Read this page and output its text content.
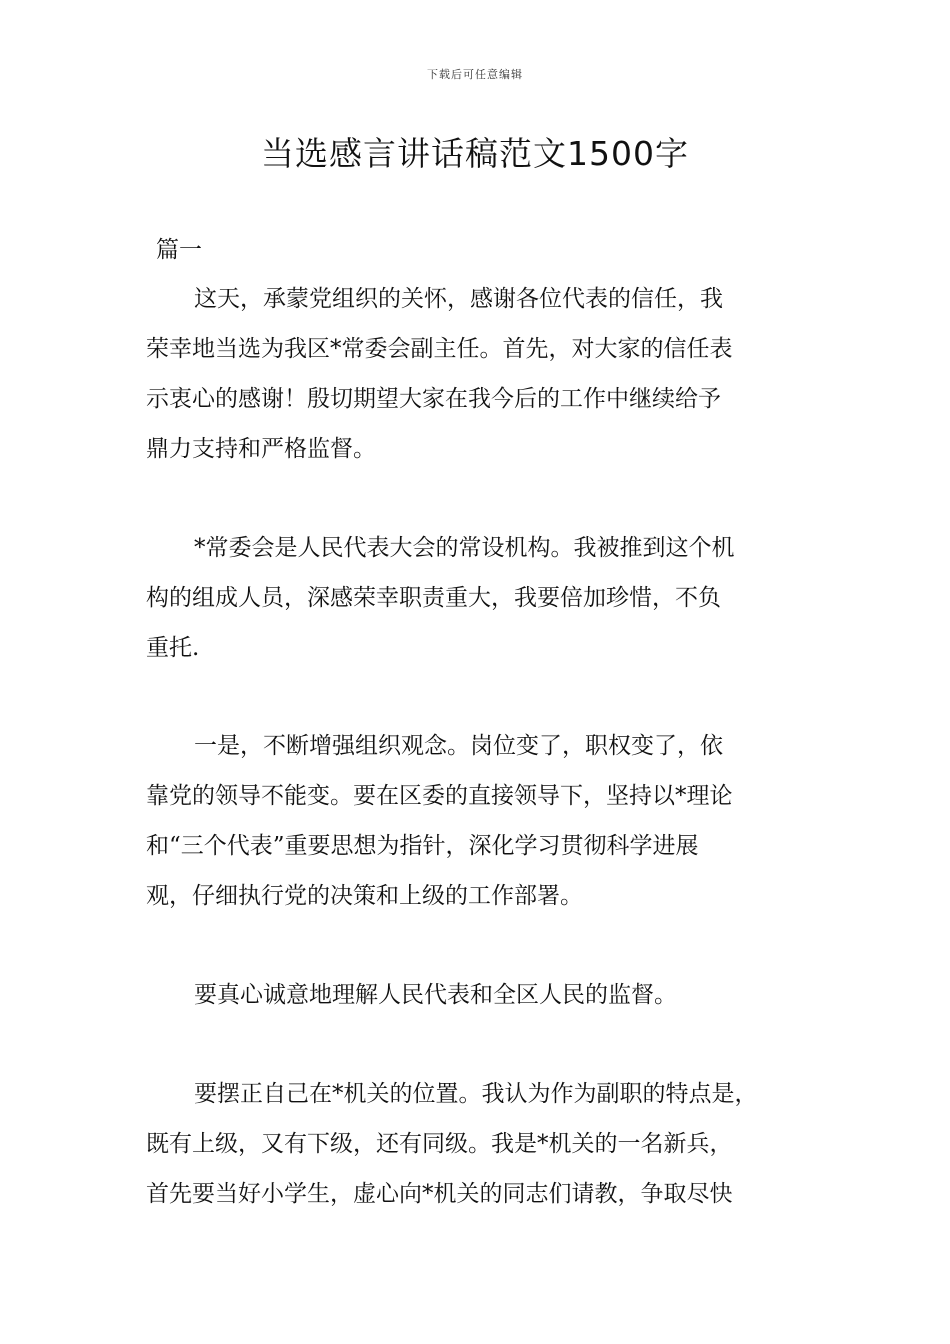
下载后可任意编辑
当选感言讲话稿范文1500字
篇一

这天，承蒙党组织的关怀，感谢各位代表的信任，我
荣幸地当选为我区*常委会副主任。首先，对大家的信任表
示衷心的感谢！殷切期望大家在我今后的工作中继续给予
鼎力支持和严格监督。

*常委会是人民代表大会的常设机构。我被推到这个机
构的组成人员，深感荣幸职责重大，我要倍加珍惜，不负
重托.

一是，不断增强组织观念。岗位变了，职权变了，依
靠党的领导不能变。要在区委的直接领导下，坚持以*理论
和“三个代表”重要思想为指针，深化学习贯彻科学进展
观，仔细执行党的决策和上级的工作部署。

要真心诚意地理解人民代表和全区人民的监督。

要摆正自己在*机关的位置。我认为作为副职的特点是，
既有上级，又有下级，还有同级。我是*机关的一名新兵，
首先要当好小学生，虚心向*机关的同志们请教，争取尽快
